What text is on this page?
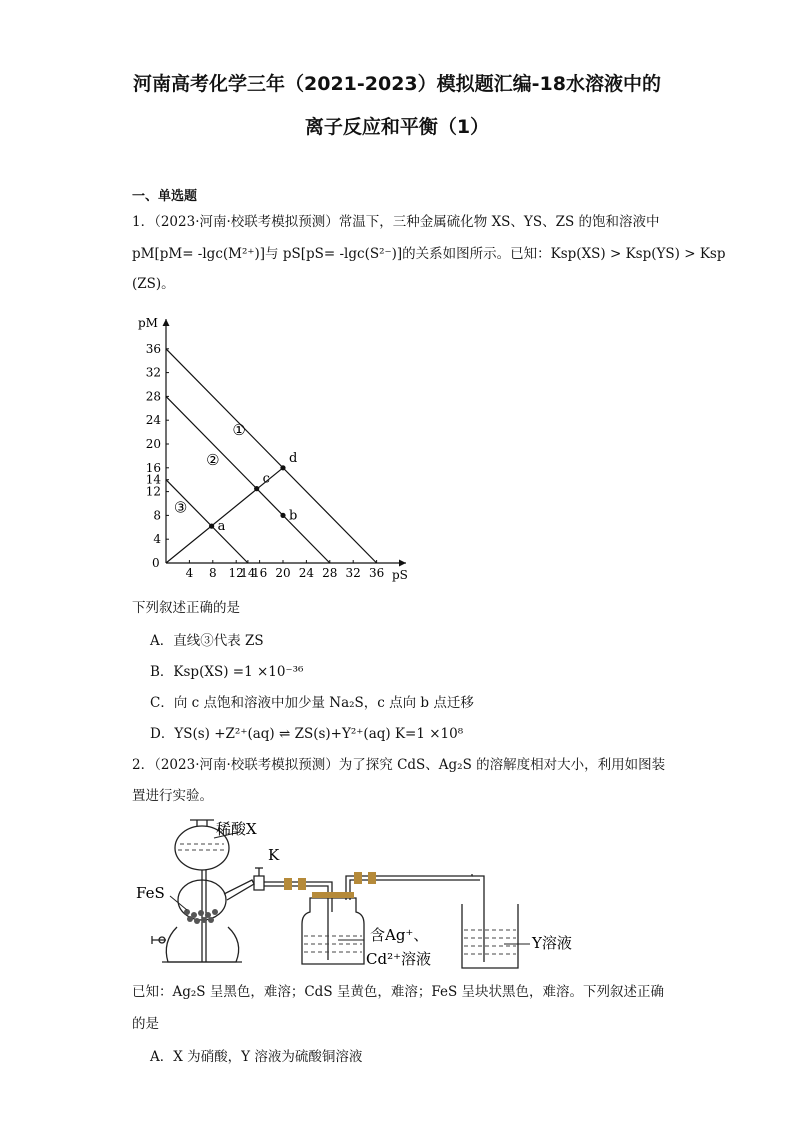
河南高考化学三年（2021-2023）模拟题汇编-18水溶液中的
离子反应和平衡（1）
一、单选题
1．（2023·河南·校联考模拟预测）常温下，三种金属硫化物 XS、YS、ZS 的饱和溶液中
pM[pM= -lgc(M²⁺)]与 pS[pS= -lgc(S²⁻)]的关系如图所示。已知：Ksp(XS) > Ksp(YS) > Ksp
(ZS)。
pM
pS
0
4
8
12
14
16
20
24
28
32
36
4 8 12
14
16 20 24 28 32 36
①
②
③
a
b
c
d
下列叙述正确的是
A．直线③代表 ZS
B．Ksp(XS) =1 ×10⁻³⁶
C．向 c 点饱和溶液中加少量 Na₂S，c 点向 b 点迁移
D．YS(s) +Z²⁺(aq) ⇌ ZS(s)+Y²⁺(aq) K=1 ×10⁸
2．（2023·河南·校联考模拟预测）为了探究 CdS、Ag₂S 的溶解度相对大小，利用如图装
置进行实验。
稀酸X
K
FeS
含Ag⁺、
Cd²⁺溶液
Y溶液
已知：Ag₂S 呈黑色，难溶；CdS 呈黄色，难溶；FeS 呈块状黑色，难溶。下列叙述正确
的是
A．X 为硝酸，Y 溶液为硫酸铜溶液
